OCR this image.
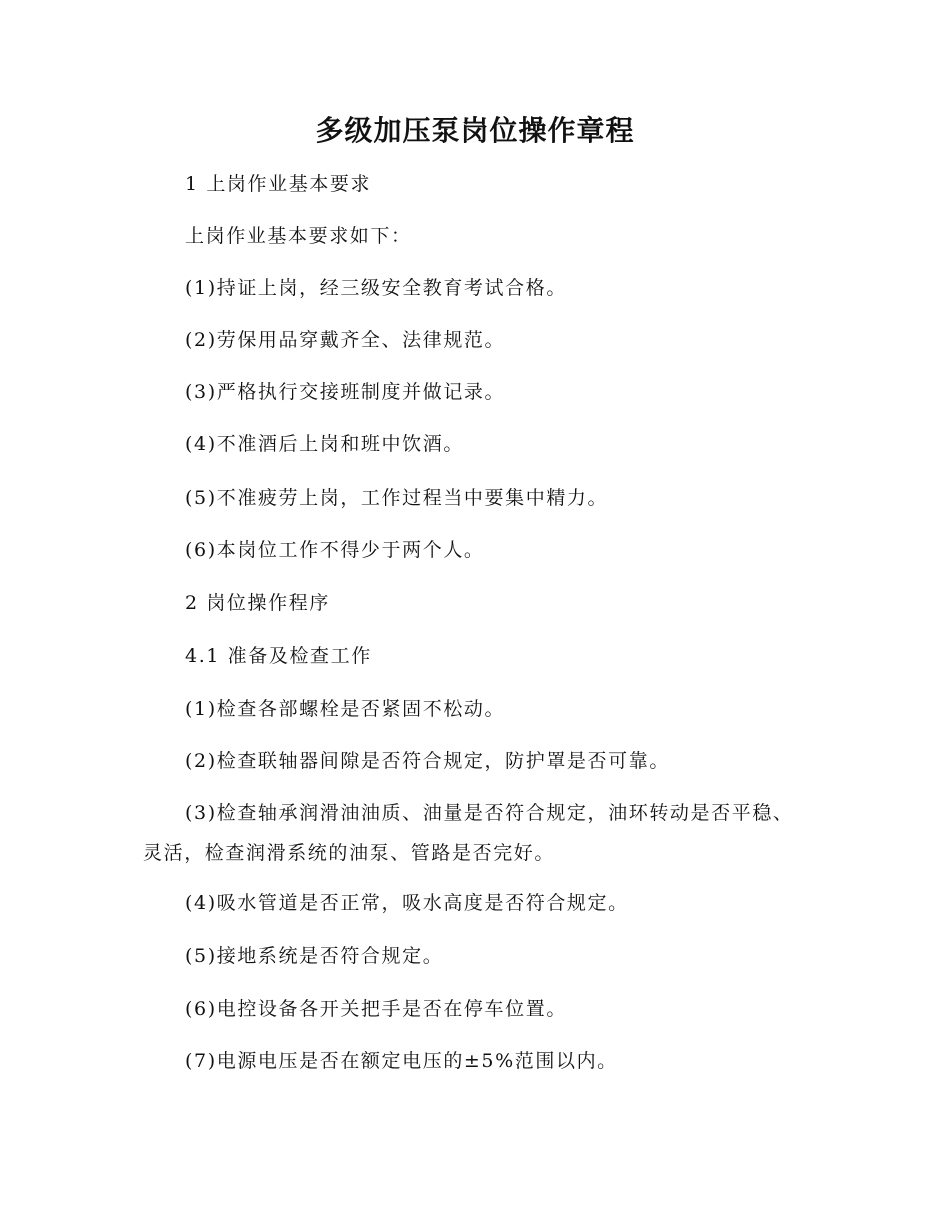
多级加压泵岗位操作章程
1 上岗作业基本要求
上岗作业基本要求如下：
(1)持证上岗，经三级安全教育考试合格。
(2)劳保用品穿戴齐全、法律规范。
(3)严格执行交接班制度并做记录。
(4)不准酒后上岗和班中饮酒。
(5)不准疲劳上岗，工作过程当中要集中精力。
(6)本岗位工作不得少于两个人。
2 岗位操作程序
4.1 准备及检查工作
(1)检查各部螺栓是否紧固不松动。
(2)检查联轴器间隙是否符合规定，防护罩是否可靠。
(3)检查轴承润滑油油质、油量是否符合规定，油环转动是否平稳、灵活，检查润滑系统的油泵、管路是否完好。
(4)吸水管道是否正常，吸水高度是否符合规定。
(5)接地系统是否符合规定。
(6)电控设备各开关把手是否在停车位置。
(7)电源电压是否在额定电压的±5%范围以内。
